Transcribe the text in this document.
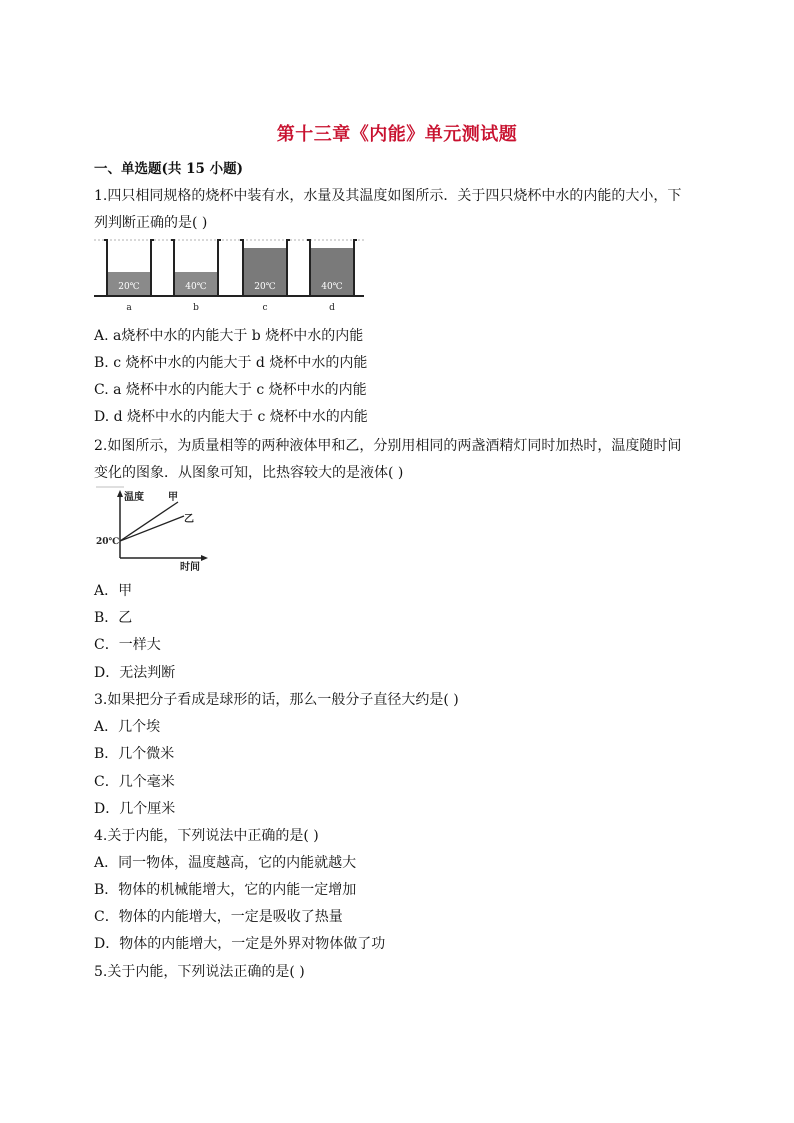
第十三章《内能》单元测试题
一、单选题(共 15 小题)
1.四只相同规格的烧杯中装有水，水量及其温度如图所示．关于四只烧杯中水的内能的大小，下
列判断正确的是( )
20℃
a
40℃
b
20℃
c
40℃
d
A. a烧杯中水的内能大于 b 烧杯中水的内能
B. c 烧杯中水的内能大于 d 烧杯中水的内能
C. a 烧杯中水的内能大于 c 烧杯中水的内能
D. d 烧杯中水的内能大于 c 烧杯中水的内能
2.如图所示，为质量相等的两种液体甲和乙，分别用相同的两盏酒精灯同时加热时，温度随时间
变化的图象．从图象可知，比热容较大的是液体( )
温度 甲
乙
20℃
时间
A．甲
B．乙
C．一样大
D．无法判断
3.如果把分子看成是球形的话，那么一般分子直径大约是( )
A．几个埃
B．几个微米
C．几个毫米
D．几个厘米
4.关于内能，下列说法中正确的是( )
A．同一物体，温度越高，它的内能就越大
B．物体的机械能增大，它的内能一定增加
C．物体的内能增大，一定是吸收了热量
D．物体的内能增大，一定是外界对物体做了功
5.关于内能，下列说法正确的是( )
